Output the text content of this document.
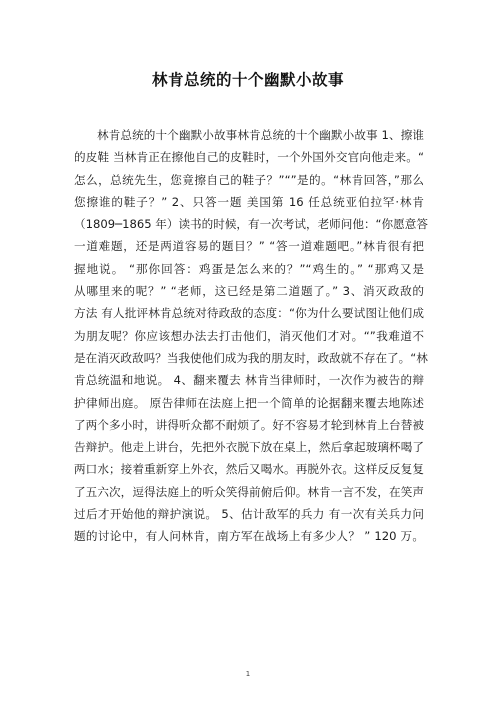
林肯总统的十个幽默小故事
林肯总统的十个幽默小故事林肯总统的十个幽默小故事 1、擦谁
的皮鞋 当林肯正在擦他自己的皮鞋时，一个外国外交官向他走来。“
怎么，总统先生，您竟擦自己的鞋子？”“”是的。“林肯回答，”那么
您擦谁的鞋子？” 2、只答一题 美国第 16 任总统亚伯拉罕·林肯
（1809─1865 年）读书的时候，有一次考试，老师问他：“你愿意答
一道难题，还是两道容易的题目？” “答一道难题吧。”林肯很有把
握地说。 “那你回答：鸡蛋是怎么来的？”“鸡生的。” “那鸡又是
从哪里来的呢？” “老师，这已经是第二道题了。” 3、消灭政敌的
方法 有人批评林肯总统对待政敌的态度：“你为什么要试图让他们成
为朋友呢？你应该想办法去打击他们，消灭他们才对。“”我难道不
是在消灭政敌吗？当我使他们成为我的朋友时，政敌就不存在了。“林
肯总统温和地说。 4、翻来覆去 林肯当律师时，一次作为被告的辩
护律师出庭。 原告律师在法庭上把一个简单的论据翻来覆去地陈述
了两个多小时，讲得听众都不耐烦了。好不容易才轮到林肯上台替被
告辩护。他走上讲台，先把外衣脱下放在桌上，然后拿起玻璃杯喝了
两口水；接着重新穿上外衣，然后又喝水。再脱外衣。这样反反复复
了五六次，逗得法庭上的听众笑得前俯后仰。林肯一言不发，在笑声
过后才开始他的辩护演说。 5、估计敌军的兵力 有一次有关兵力问
题的讨论中，有人问林肯，南方军在战场上有多少人？ ” 120 万。
1
